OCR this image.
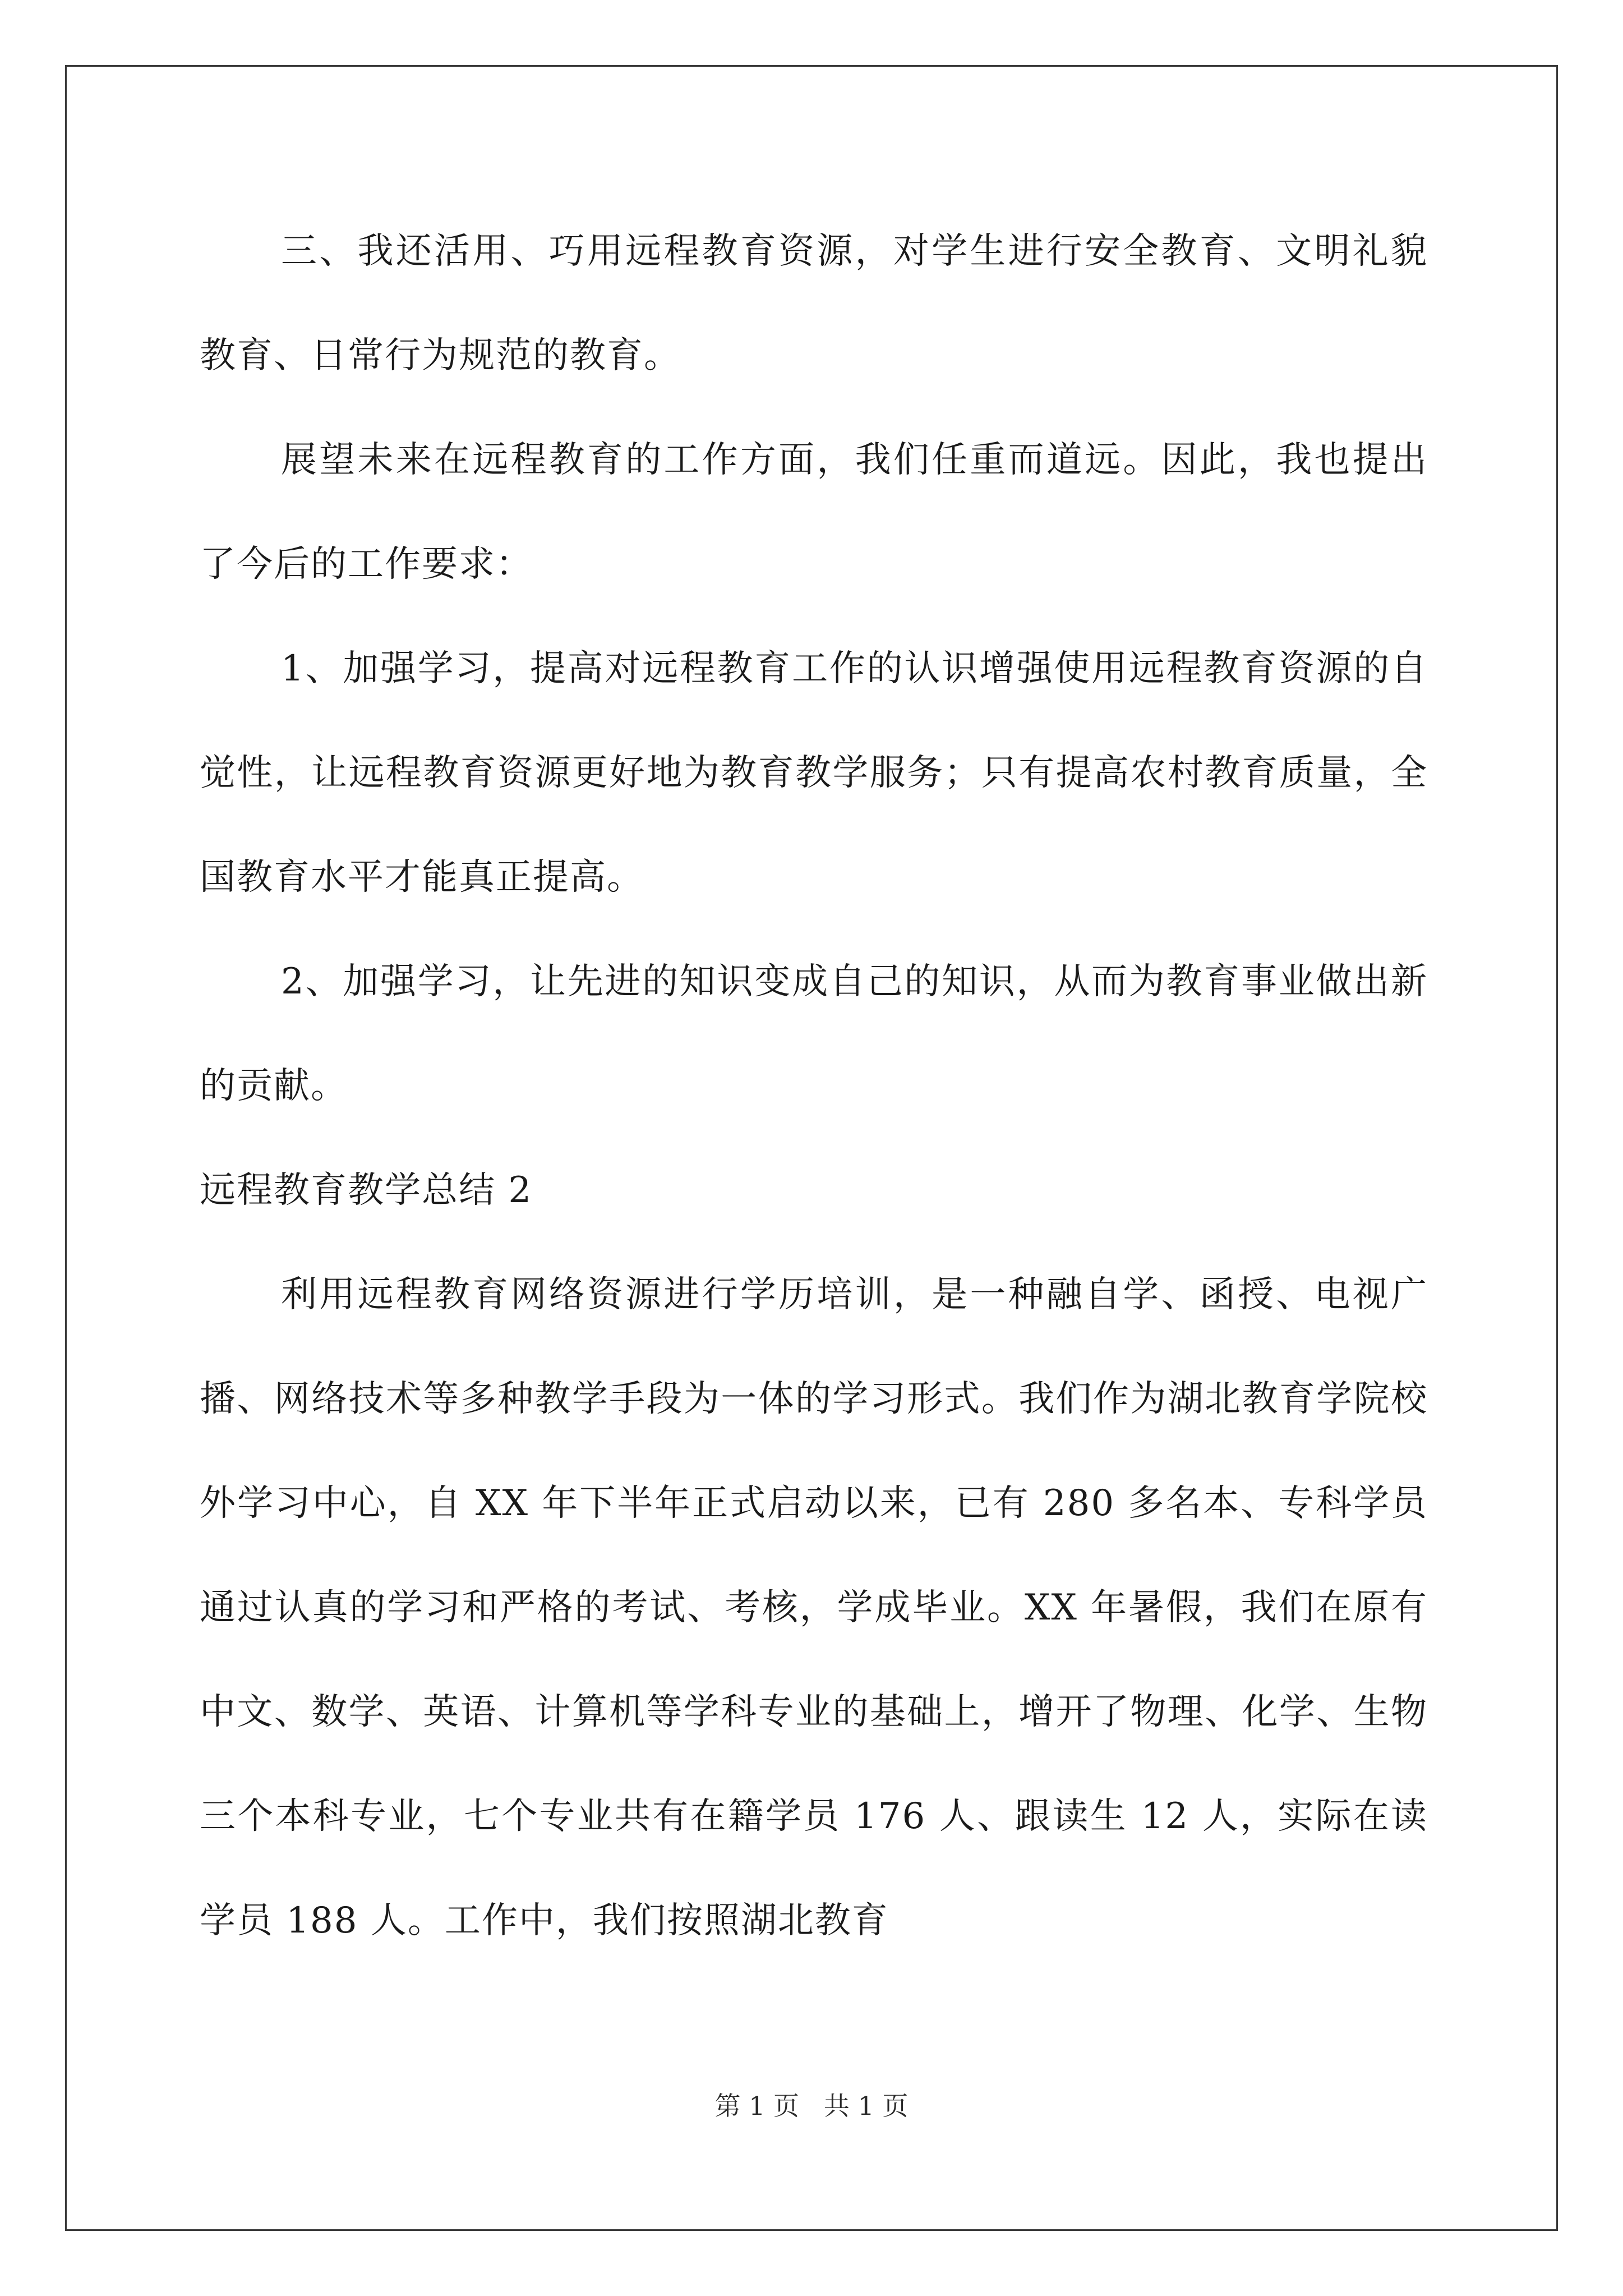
三、我还活用、巧用远程教育资源，对学生进行安全教育、文明礼貌教育、日常行为规范的教育。

展望未来在远程教育的工作方面，我们任重而道远。因此，我也提出了今后的工作要求：

1、加强学习，提高对远程教育工作的认识增强使用远程教育资源的自觉性，让远程教育资源更好地为教育教学服务；只有提高农村教育质量，全国教育水平才能真正提高。

2、加强学习，让先进的知识变成自己的知识，从而为教育事业做出新的贡献。

远程教育教学总结 2

利用远程教育网络资源进行学历培训，是一种融自学、函授、电视广播、网络技术等多种教学手段为一体的学习形式。我们作为湖北教育学院校外学习中心，自 XX 年下半年正式启动以来，已有 280 多名本、专科学员通过认真的学习和严格的考试、考核，学成毕业。XX 年暑假，我们在原有中文、数学、英语、计算机等学科专业的基础上，增开了物理、化学、生物三个本科专业，七个专业共有在籍学员 176 人、跟读生 12 人，实际在读学员 188 人。工作中，我们按照湖北教育

第 1 页   共 1 页
